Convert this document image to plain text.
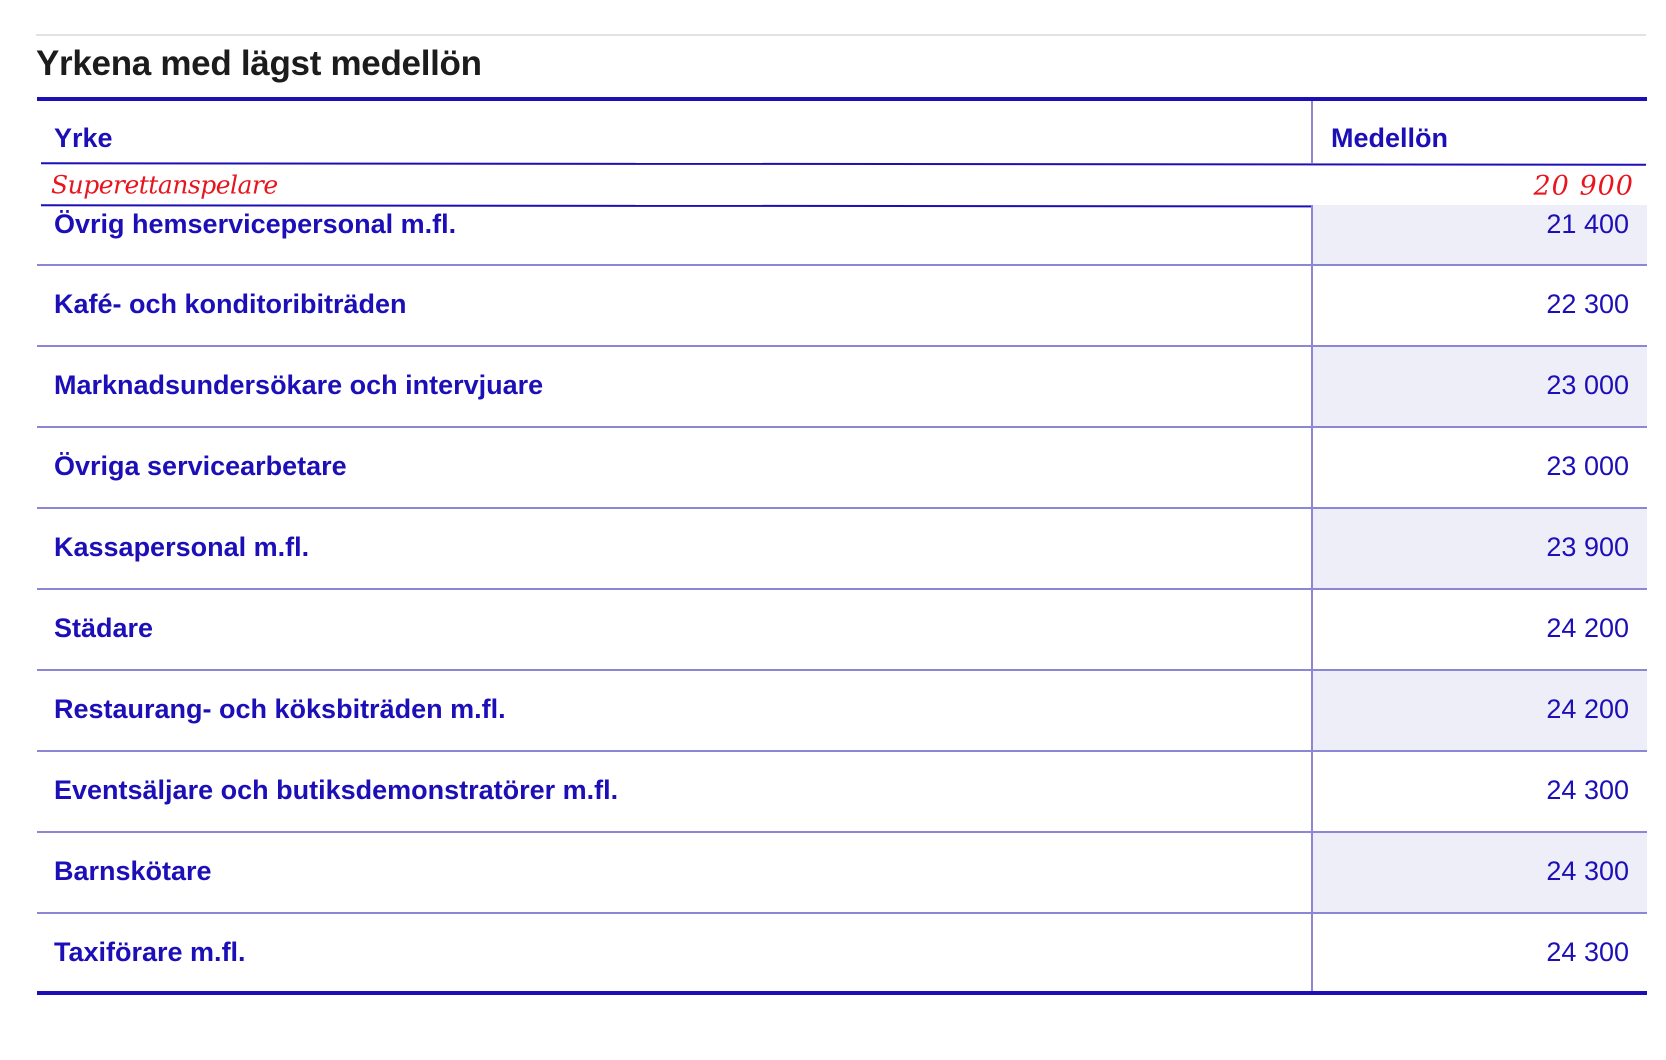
Yrkena med lägst medellön
Yrke	Medellön
Superettanspelare	20 900
Övrig hemservicepersonal m.fl.	21 400
Kafé- och konditoribiträden	22 300
Marknadsundersökare och intervjuare	23 000
Övriga servicearbetare	23 000
Kassapersonal m.fl.	23 900
Städare	24 200
Restaurang- och köksbiträden m.fl.	24 200
Eventsäljare och butiksdemonstratörer m.fl.	24 300
Barnskötare	24 300
Taxiförare m.fl.	24 300
